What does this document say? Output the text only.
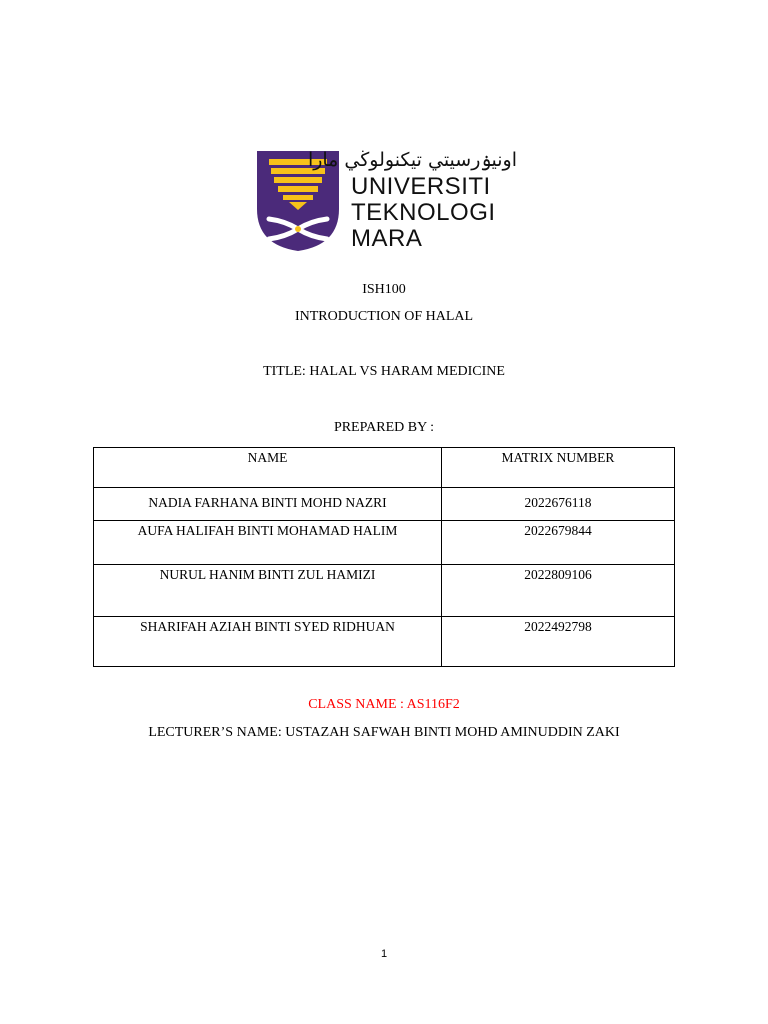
اونيۏرسيتي تيكنولوڬي مارا
UNIVERSITI
TEKNOLOGI
MARA
ISH100
INTRODUCTION OF HALAL
TITLE: HALAL VS HARAM MEDICINE
PREPARED BY :
NAME	MATRIX NUMBER
NADIA FARHANA BINTI MOHD NAZRI	2022676118
AUFA HALIFAH BINTI MOHAMAD HALIM	2022679844
NURUL HANIM BINTI ZUL HAMIZI	2022809106
SHARIFAH AZIAH BINTI SYED RIDHUAN	2022492798
CLASS NAME : AS116F2
LECTURER’S NAME: USTAZAH SAFWAH BINTI MOHD AMINUDDIN ZAKI
1
